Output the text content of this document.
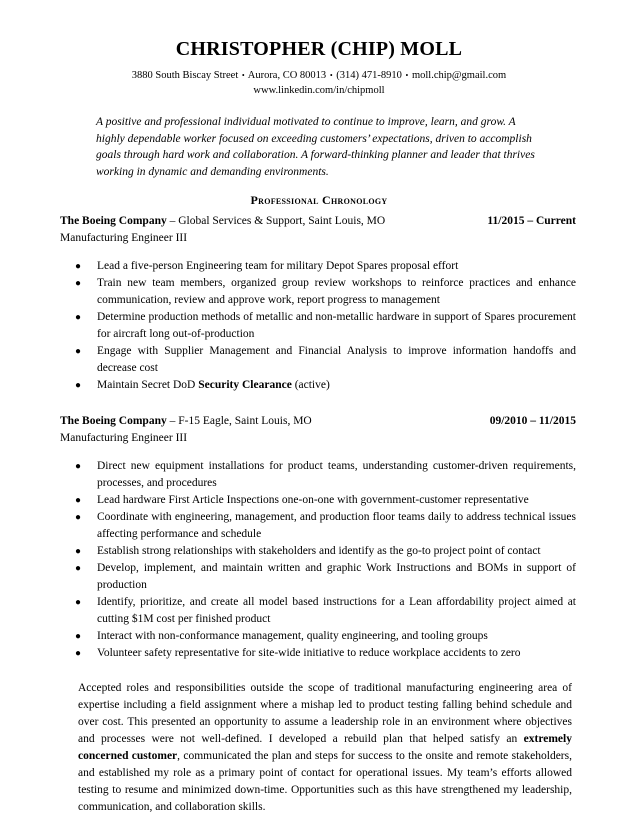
CHRISTOPHER (CHIP) MOLL
3880 South Biscay Street • Aurora, CO 80013 • (314) 471-8910 • moll.chip@gmail.com
www.linkedin.com/in/chipmoll
A positive and professional individual motivated to continue to improve, learn, and grow. A highly dependable worker focused on exceeding customers’ expectations, driven to accomplish goals through hard work and collaboration. A forward-thinking planner and leader that thrives working in dynamic and demanding environments.
Professional Chronology
The Boeing Company – Global Services & Support, Saint Louis, MO	11/2015 – Current
Manufacturing Engineer III
● Lead a five-person Engineering team for military Depot Spares proposal effort
● Train new team members, organized group review workshops to reinforce practices and enhance communication, review and approve work, report progress to management
● Determine production methods of metallic and non-metallic hardware in support of Spares procurement for aircraft long out-of-production
● Engage with Supplier Management and Financial Analysis to improve information handoffs and decrease cost
● Maintain Secret DoD Security Clearance (active)
The Boeing Company – F-15 Eagle, Saint Louis, MO	09/2010 – 11/2015
Manufacturing Engineer III
● Direct new equipment installations for product teams, understanding customer-driven requirements, processes, and procedures
● Lead hardware First Article Inspections one-on-one with government-customer representative
● Coordinate with engineering, management, and production floor teams daily to address technical issues affecting performance and schedule
● Establish strong relationships with stakeholders and identify as the go-to project point of contact
● Develop, implement, and maintain written and graphic Work Instructions and BOMs in support of production
● Identify, prioritize, and create all model based instructions for a Lean affordability project aimed at cutting $1M cost per finished product
● Interact with non-conformance management, quality engineering, and tooling groups
● Volunteer safety representative for site-wide initiative to reduce workplace accidents to zero
Accepted roles and responsibilities outside the scope of traditional manufacturing engineering area of expertise including a field assignment where a mishap led to product testing falling behind schedule and over cost. This presented an opportunity to assume a leadership role in an environment where objectives and processes were not well-defined. I developed a rebuild plan that helped satisfy an extremely concerned customer, communicated the plan and steps for success to the onsite and remote stakeholders, and established my role as a primary point of contact for operational issues. My team’s efforts allowed testing to resume and minimized down-time. Opportunities such as this have strengthened my leadership, communication, and collaboration skills.
